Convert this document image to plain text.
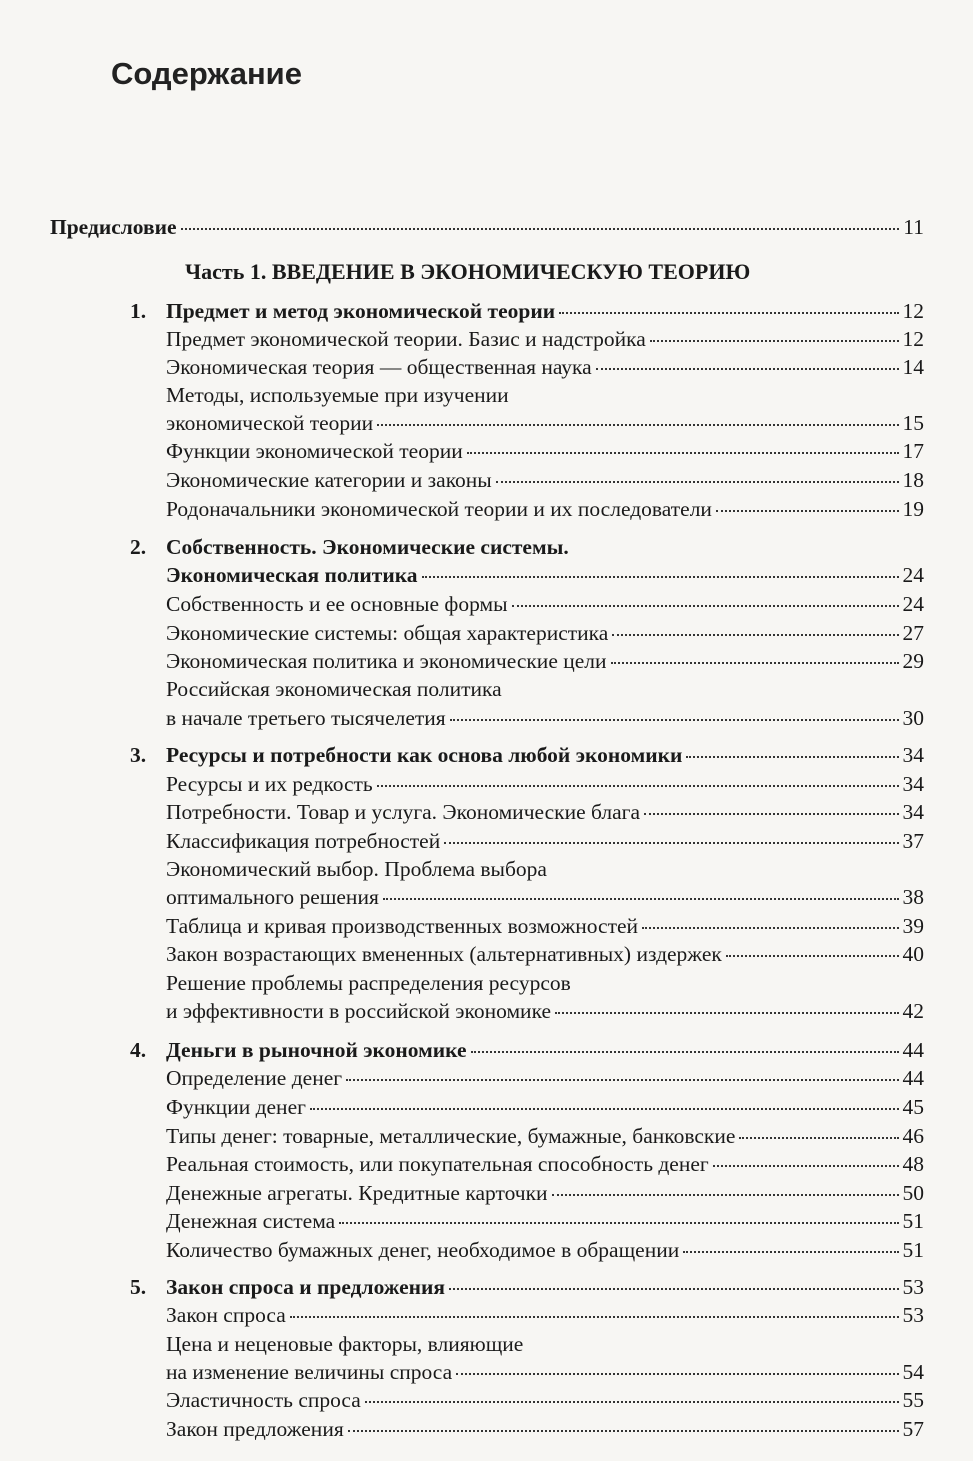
Содержание
Предисловие	11
Часть 1. ВВЕДЕНИЕ В ЭКОНОМИЧЕСКУЮ ТЕОРИЮ
1. Предмет и метод экономической теории	12
Предмет экономической теории. Базис и надстройка	12
Экономическая теория — общественная наука	14
Методы, используемые при изучении
экономической теории	15
Функции экономической теории	17
Экономические категории и законы	18
Родоначальники экономической теории и их последователи	19
2. Собственность. Экономические системы.
Экономическая политика	24
Собственность и ее основные формы	24
Экономические системы: общая характеристика	27
Экономическая политика и экономические цели	29
Российская экономическая политика
в начале третьего тысячелетия	30
3. Ресурсы и потребности как основа любой экономики	34
Ресурсы и их редкость	34
Потребности. Товар и услуга. Экономические блага	34
Классификация потребностей	37
Экономический выбор. Проблема выбора
оптимального решения	38
Таблица и кривая производственных возможностей	39
Закон возрастающих вмененных (альтернативных) издержек	40
Решение проблемы распределения ресурсов
и эффективности в российской экономике	42
4. Деньги в рыночной экономике	44
Определение денег	44
Функции денег	45
Типы денег: товарные, металлические, бумажные, банковские	46
Реальная стоимость, или покупательная способность денег	48
Денежные агрегаты. Кредитные карточки	50
Денежная система	51
Количество бумажных денег, необходимое в обращении	51
5. Закон спроса и предложения	53
Закон спроса	53
Цена и неценовые факторы, влияющие
на изменение величины спроса	54
Эластичность спроса	55
Закон предложения	57
